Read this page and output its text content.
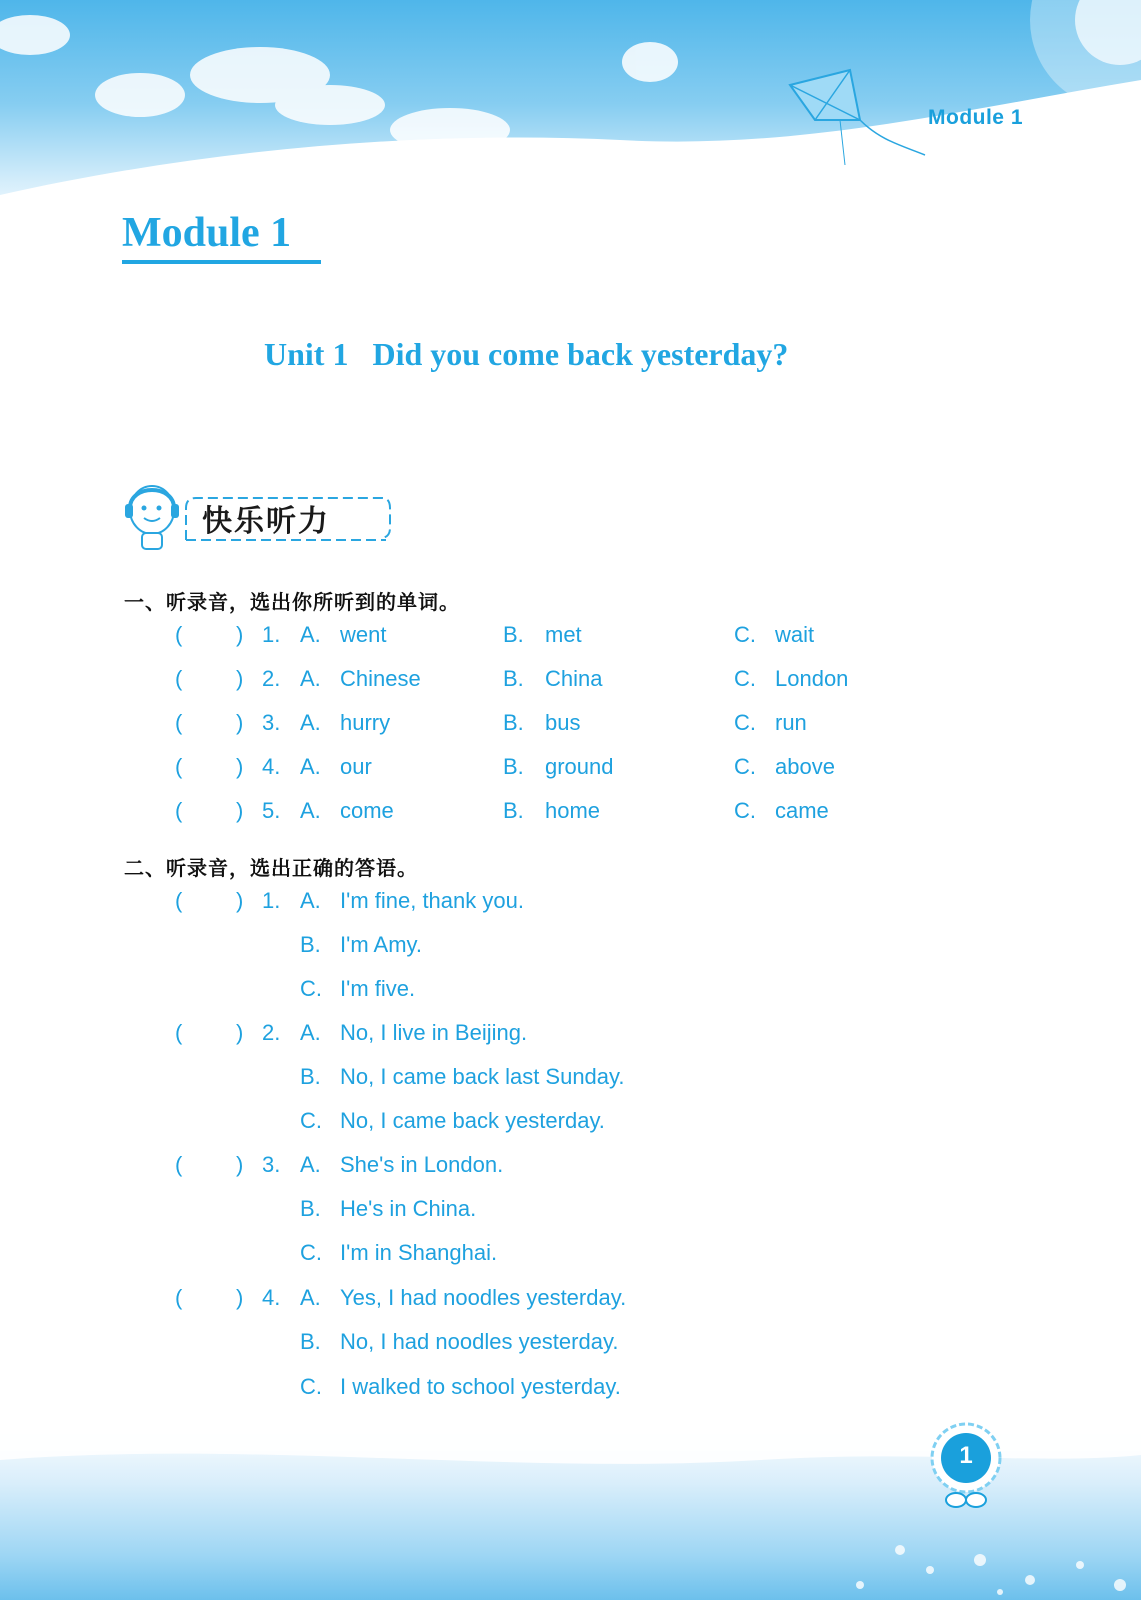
Module 1
Module 1
Unit 1   Did you come back yesterday?
快乐听力
一、听录音，选出你所听到的单词。
( ) 1. A. went	B. met	C. wait
( ) 2. A. Chinese	B. China	C. London
( ) 3. A. hurry	B. bus	C. run
( ) 4. A. our	B. ground	C. above
( ) 5. A. come	B. home	C. came
二、听录音，选出正确的答语。
( ) 1. A. I'm fine, thank you.
B. I'm Amy.
C. I'm five.
( ) 2. A. No, I live in Beijing.
B. No, I came back last Sunday.
C. No, I came back yesterday.
( ) 3. A. She's in London.
B. He's in China.
C. I'm in Shanghai.
( ) 4. A. Yes, I had noodles yesterday.
B. No, I had noodles yesterday.
C. I walked to school yesterday.
1
